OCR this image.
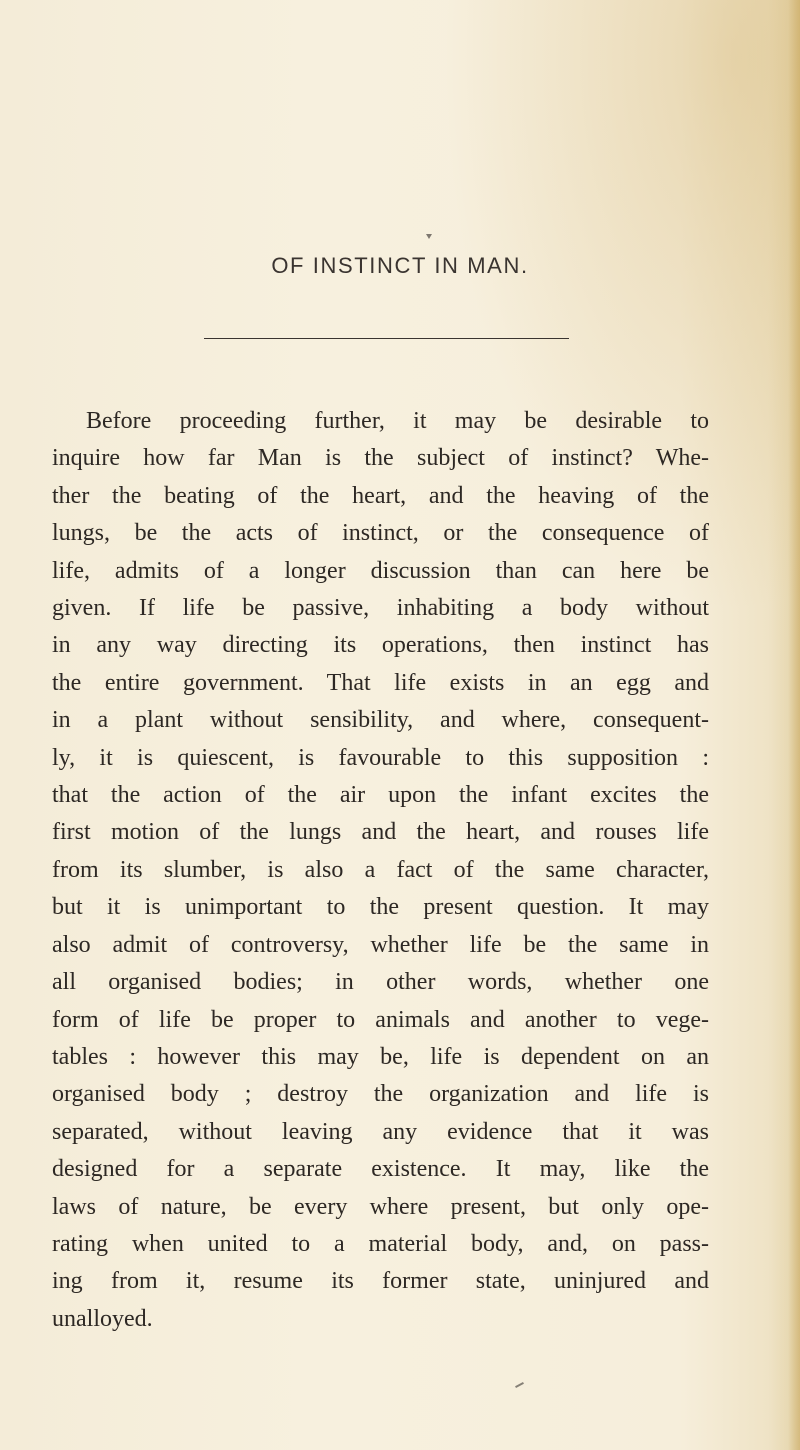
OF INSTINCT IN MAN.
Before proceeding further, it may be desirable to
inquire how far Man is the subject of instinct? Whe-
ther the beating of the heart, and the heaving of the
lungs, be the acts of instinct, or the consequence of
life, admits of a longer discussion than can here be
given. If life be passive, inhabiting a body without
in any way directing its operations, then instinct has
the entire government. That life exists in an egg and
in a plant without sensibility, and where, consequent-
ly, it is quiescent, is favourable to this supposition :
that the action of the air upon the infant excites the
first motion of the lungs and the heart, and rouses life
from its slumber, is also a fact of the same character,
but it is unimportant to the present question. It may
also admit of controversy, whether life be the same in
all organised bodies; in other words, whether one
form of life be proper to animals and another to vege-
tables : however this may be, life is dependent on an
organised body ; destroy the organization and life is
separated, without leaving any evidence that it was
designed for a separate existence. It may, like the
laws of nature, be every where present, but only ope-
rating when united to a material body, and, on pass-
ing from it, resume its former state, uninjured and
unalloyed.
